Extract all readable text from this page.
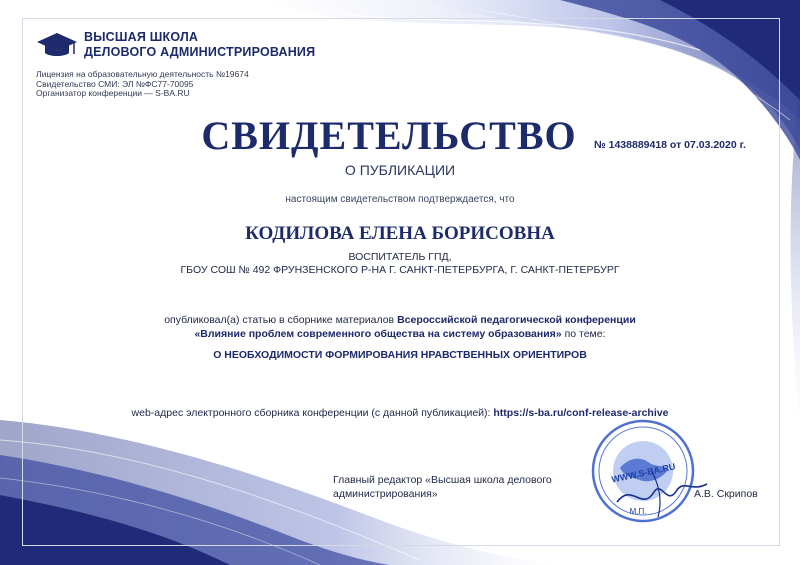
ВЫСШАЯ ШКОЛА
ДЕЛОВОГО АДМИНИСТРИРОВАНИЯ
Лицензия на образовательную деятельность №19674
Свидетельство СМИ: ЭЛ №ФС77-70095
Организатор конференции — S-BA.RU
СВИДЕТЕЛЬСТВО	№ 1438889418 от 07.03.2020 г.
О ПУБЛИКАЦИИ
настоящим свидетельством подтверждается, что
КОДИЛОВА ЕЛЕНА БОРИСОВНА
ВОСПИТАТЕЛЬ ГПД,
ГБОУ СОШ № 492 ФРУНЗЕНСКОГО Р-НА Г. САНКТ-ПЕТЕРБУРГА, Г. САНКТ-ПЕТЕРБУРГ
опубликовал(а) статью в сборнике материалов Всероссийской педагогической конференции
«Влияние проблем современного общества на систему образования» по теме:
О НЕОБХОДИМОСТИ ФОРМИРОВАНИЯ НРАВСТВЕННЫХ ОРИЕНТИРОВ
web-адрес электронного сборника конференции (с данной публикацией): https://s-ba.ru/conf-release-archive
Главный редактор «Высшая школа делового
администрирования»
WWW.S-BA.RU
М.П.
А.В. Скрипов
